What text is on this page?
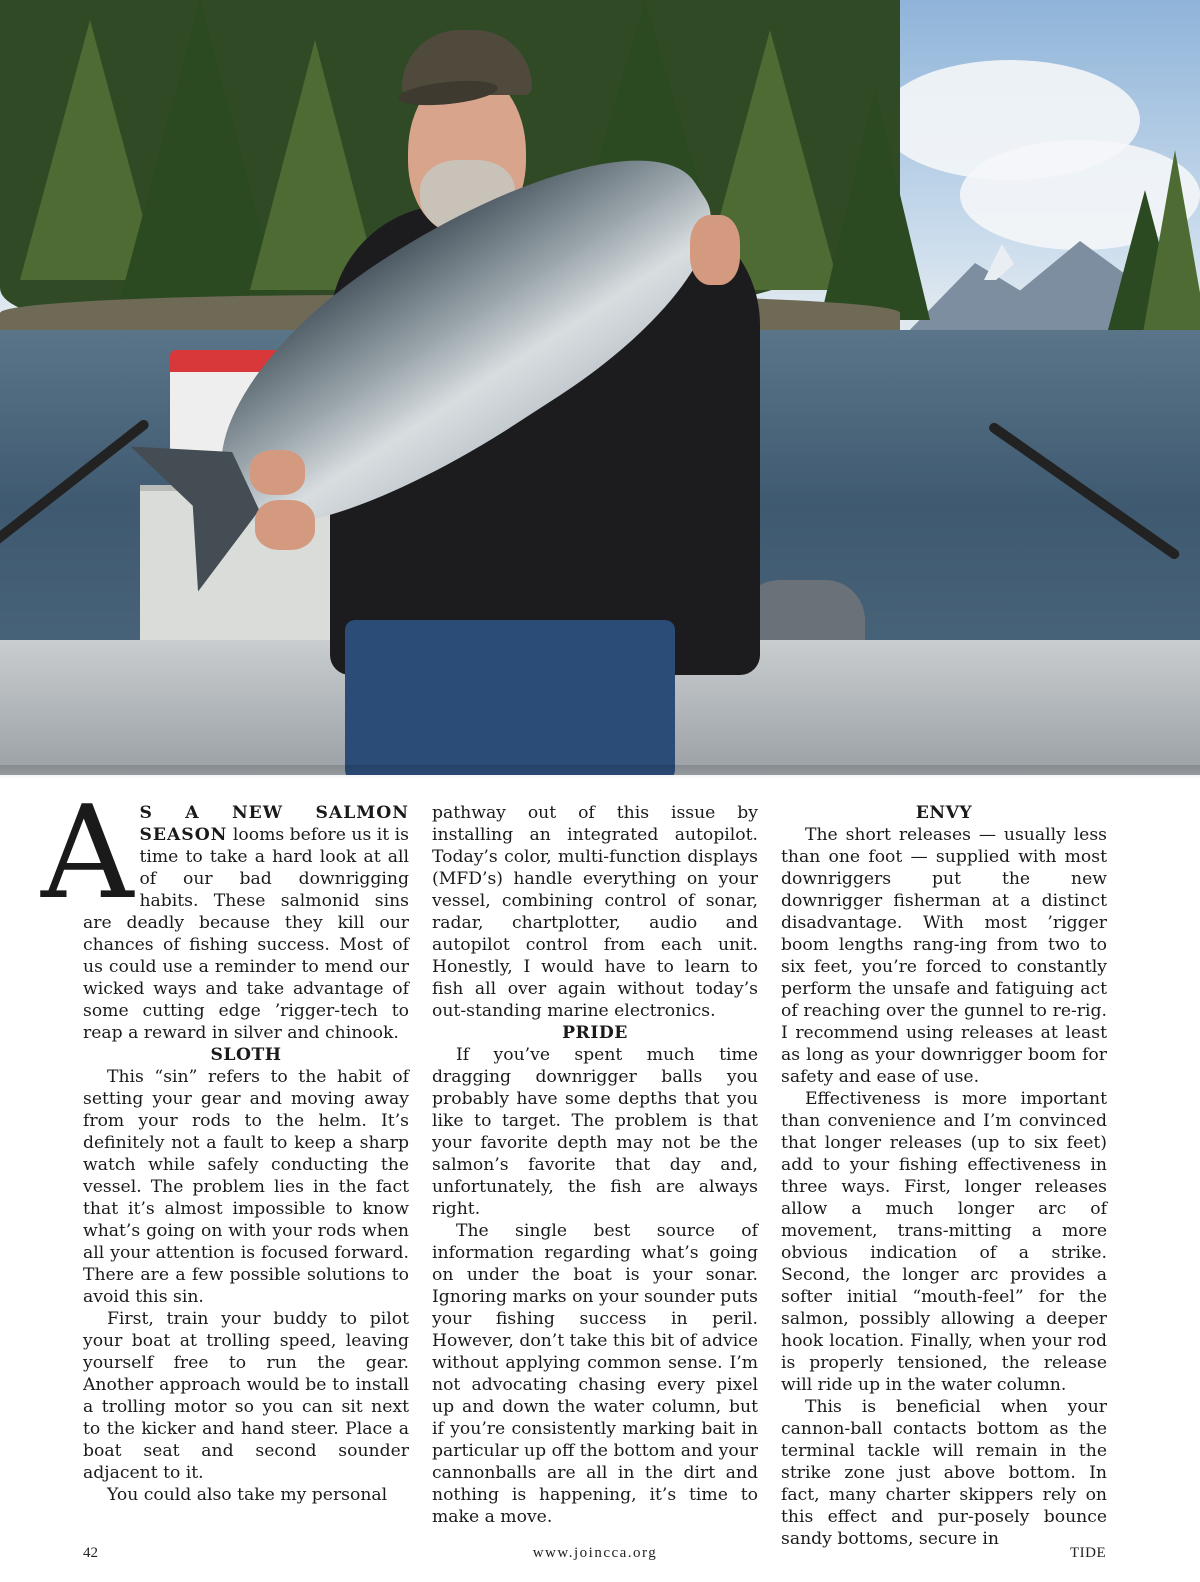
A S A NEW SALMON SEASON looms before us it is time to take a hard look at all of our bad downrigging habits. These salmonid sins are deadly because they kill our chances of fishing success. Most of us could use a reminder to mend our wicked ways and take advantage of some cutting edge ’rigger-tech to reap a reward in silver and chinook.

SLOTH

This “sin” refers to the habit of setting your gear and moving away from your rods to the helm. It’s definitely not a fault to keep a sharp watch while safely conducting the vessel. The problem lies in the fact that it’s almost impossible to know what’s going on with your rods when all your attention is focused forward. There are a few possible solutions to avoid this sin.

First, train your buddy to pilot your boat at trolling speed, leaving yourself free to run the gear. Another approach would be to install a trolling motor so you can sit next to the kicker and hand steer. Place a boat seat and second sounder adjacent to it.

You could also take my personal

pathway out of this issue by installing an integrated autopilot. Today’s color, multi-function displays (MFD’s) handle everything on your vessel, combining control of sonar, radar, chartplotter, audio and autopilot control from each unit. Honestly, I would have to learn to fish all over again without today’s out-standing marine electronics.

PRIDE

If you’ve spent much time dragging downrigger balls you probably have some depths that you like to target. The problem is that your favorite depth may not be the salmon’s favorite that day and, unfortunately, the fish are always right.

The single best source of information regarding what’s going on under the boat is your sonar. Ignoring marks on your sounder puts your fishing success in peril. However, don’t take this bit of advice without applying common sense. I’m not advocating chasing every pixel up and down the water column, but if you’re consistently marking bait in particular up off the bottom and your cannonballs are all in the dirt and nothing is happening, it’s time to make a move.

ENVY

The short releases — usually less than one foot — supplied with most downriggers put the new downrigger fisherman at a distinct disadvantage. With most ’rigger boom lengths rang-ing from two to six feet, you’re forced to constantly perform the unsafe and fatiguing act of reaching over the gunnel to re-rig. I recommend using releases at least as long as your downrigger boom for safety and ease of use.

Effectiveness is more important than convenience and I’m convinced that longer releases (up to six feet) add to your fishing effectiveness in three ways. First, longer releases allow a much longer arc of movement, trans-mitting a more obvious indication of a strike. Second, the longer arc provides a softer initial “mouth-feel” for the salmon, possibly allowing a deeper hook location. Finally, when your rod is properly tensioned, the release will ride up in the water column.

This is beneficial when your cannon-ball contacts bottom as the terminal tackle will remain in the strike zone just above bottom. In fact, many charter skippers rely on this effect and pur-posely bounce sandy bottoms, secure in

42	www.joincca.org	TIDE
